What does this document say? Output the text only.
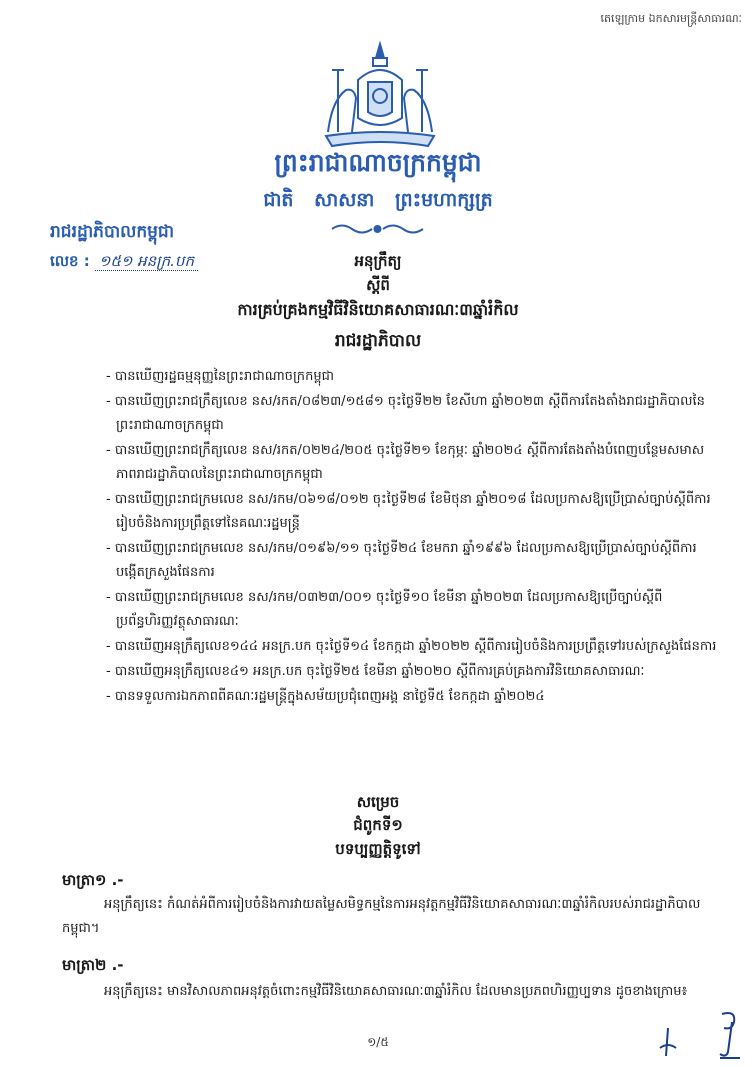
តេឡេក្រាម ឯកសារមន្ត្រីសាធារណៈ
ព្រះរាជាណាចក្រកម្ពុជា
ជាតិ សាសនា ព្រះមហាក្សត្រ
រាជរដ្ឋាភិបាលកម្ពុជា
លេខ : ១៥១ អនក្រ.បក	អនុក្រឹត្យ
ស្តីពី
ការគ្រប់គ្រងកម្មវិធីវិនិយោគសាធារណៈ៣ឆ្នាំរំកិល
រាជរដ្ឋាភិបាល
- បានឃើញរដ្ឋធម្មនុញ្ញនៃព្រះរាជាណាចក្រកម្ពុជា
- បានឃើញព្រះរាជក្រឹត្យលេខ នស/រកត/០៨២៣/១៥៨១ ចុះថ្ងៃទី២២ ខែសីហា ឆ្នាំ២០២៣ ស្តីពីការតែងតាំងរាជរដ្ឋាភិបាលនៃព្រះរាជាណាចក្រកម្ពុជា
- បានឃើញព្រះរាជក្រឹត្យលេខ នស/រកត/០២២៤/២០៥ ចុះថ្ងៃទី២១ ខែកុម្ភៈ ឆ្នាំ២០២៤ ស្តីពីការតែងតាំងបំពេញបន្ថែមសមាសភាពរាជរដ្ឋាភិបាលនៃព្រះរាជាណាចក្រកម្ពុជា
- បានឃើញព្រះរាជក្រមលេខ នស/រកម/០៦១៨/០១២ ចុះថ្ងៃទី២៨ ខែមិថុនា ឆ្នាំ២០១៨ ដែលប្រកាសឱ្យប្រើប្រាស់ច្បាប់ស្តីពីការរៀបចំនិងការប្រព្រឹត្តទៅនៃគណៈរដ្ឋមន្ត្រី
- បានឃើញព្រះរាជក្រមលេខ នស/រកម/០១៩៦/១១ ចុះថ្ងៃទី២៤ ខែមករា ឆ្នាំ១៩៩៦ ដែលប្រកាសឱ្យប្រើប្រាស់ច្បាប់ស្តីពីការបង្កើតក្រសួងផែនការ
- បានឃើញព្រះរាជក្រមលេខ នស/រកម/០៣២៣/០០១ ចុះថ្ងៃទី១០ ខែមីនា ឆ្នាំ២០២៣ ដែលប្រកាសឱ្យប្រើច្បាប់ស្តីពីប្រព័ន្ធហិរញ្ញវត្ថុសាធារណៈ
- បានឃើញអនុក្រឹត្យលេខ១៤៤ អនក្រ.បក ចុះថ្ងៃទី១៤ ខែកក្កដា ឆ្នាំ២០២២ ស្តីពីការរៀបចំនិងការប្រព្រឹត្តទៅរបស់ក្រសួងផែនការ
- បានឃើញអនុក្រឹត្យលេខ៤១ អនក្រ.បក ចុះថ្ងៃទី២៥ ខែមីនា ឆ្នាំ២០២០ ស្តីពីការគ្រប់គ្រងការវិនិយោគសាធារណៈ
- បានទទួលការឯកភាពពីគណៈរដ្ឋមន្ត្រីក្នុងសម័យប្រជុំពេញអង្គ នាថ្ងៃទី៥ ខែកក្កដា ឆ្នាំ២០២៤
សម្រេច
ជំពូកទី១
បទប្បញ្ញត្តិទូទៅ
មាត្រា១ .-
អនុក្រឹត្យនេះ កំណត់អំពីការរៀបចំនិងការវាយតម្លៃសមិទ្ធកម្មនៃការអនុវត្តកម្មវិធីវិនិយោគសាធារណៈ៣ឆ្នាំរំកិលរបស់រាជរដ្ឋាភិបាលកម្ពុជា។
មាត្រា២ .-
អនុក្រឹត្យនេះ មានវិសាលភាពអនុវត្តចំពោះកម្មវិធីវិនិយោគសាធារណៈ៣ឆ្នាំរំកិល ដែលមានប្រភពហិរញ្ញប្បទាន ដូចខាងក្រោម៖
១/៥
